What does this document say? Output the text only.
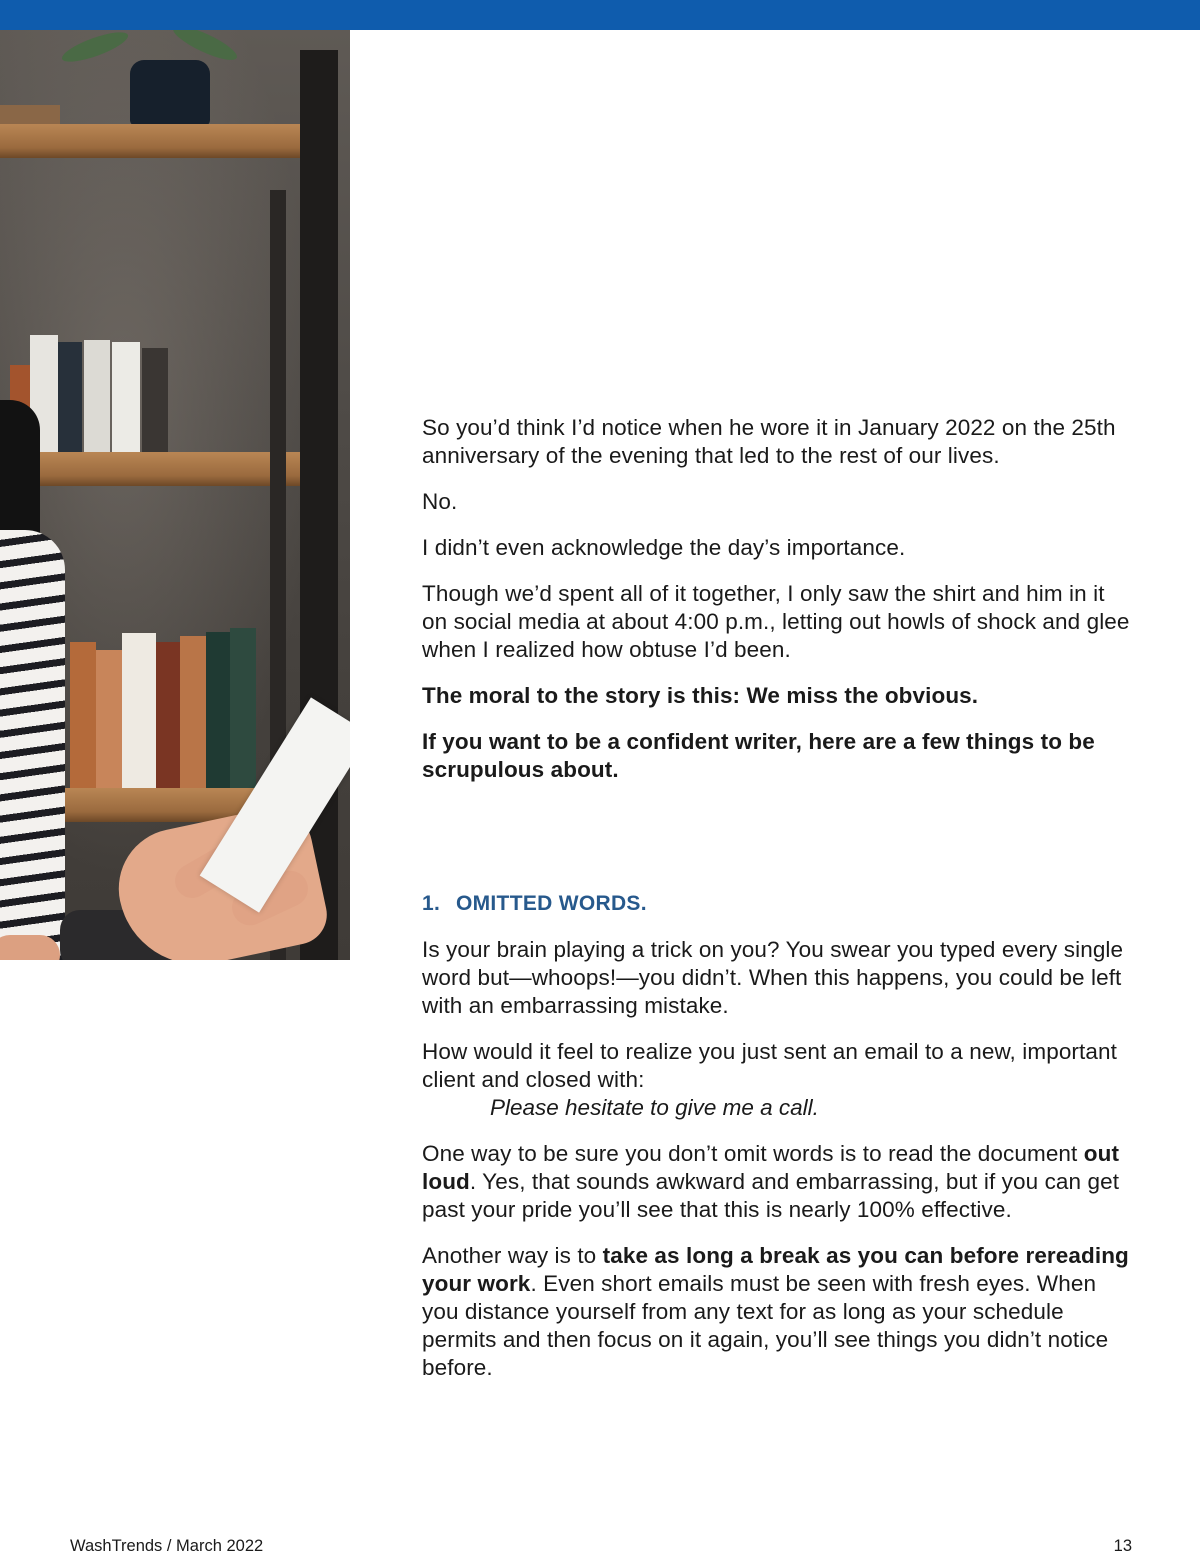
So you’d think I’d notice when he wore it in January 2022 on the 25th anniversary of the evening that led to the rest of our lives.

No.

I didn’t even acknowledge the day’s importance.

Though we’d spent all of it together, I only saw the shirt and him in it on social media at about 4:00 p.m., letting out howls of shock and glee when I realized how obtuse I’d been.

The moral to the story is this: We miss the obvious.

If you want to be a confident writer, here are a few things to be scrupulous about.

1. OMITTED WORDS.

Is your brain playing a trick on you? You swear you typed every single word but—whoops!—you didn’t. When this happens, you could be left with an embarrassing mistake.

How would it feel to realize you just sent an email to a new, important client and closed with:

Please hesitate to give me a call.

One way to be sure you don’t omit words is to read the document out loud. Yes, that sounds awkward and embarrassing, but if you can get past your pride you’ll see that this is nearly 100% effective.

Another way is to take as long a break as you can before rereading your work. Even short emails must be seen with fresh eyes. When you distance yourself from any text for as long as your schedule permits and then focus on it again, you’ll see things you didn’t notice before.

WashTrends / March 2022	13
